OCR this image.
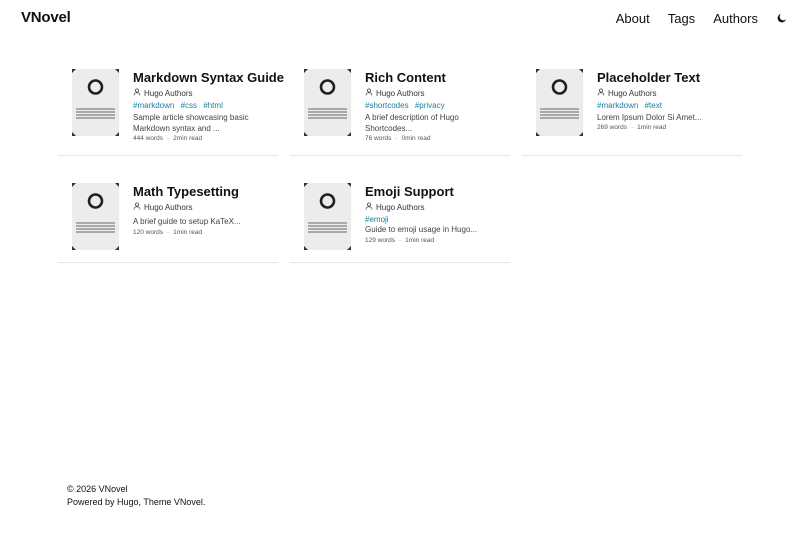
VNovel	About Tags Authors
Markdown Syntax Guide
Hugo Authors
#markdown #css #html
Sample article showcasing basic Markdown syntax and ...
444 words · 2min read
Rich Content
Hugo Authors
#shortcodes #privacy
A brief description of Hugo Shortcodes...
76 words · 0min read
Placeholder Text
Hugo Authors
#markdown #text
Lorem Ipsum Dolor Si Amet...
269 words · 1min read
Math Typesetting
Hugo Authors
A brief guide to setup KaTeX...
120 words · 1min read
Emoji Support
Hugo Authors
#emoji
Guide to emoji usage in Hugo...
129 words · 1min read
© 2026 VNovel
Powered by Hugo, Theme VNovel.
